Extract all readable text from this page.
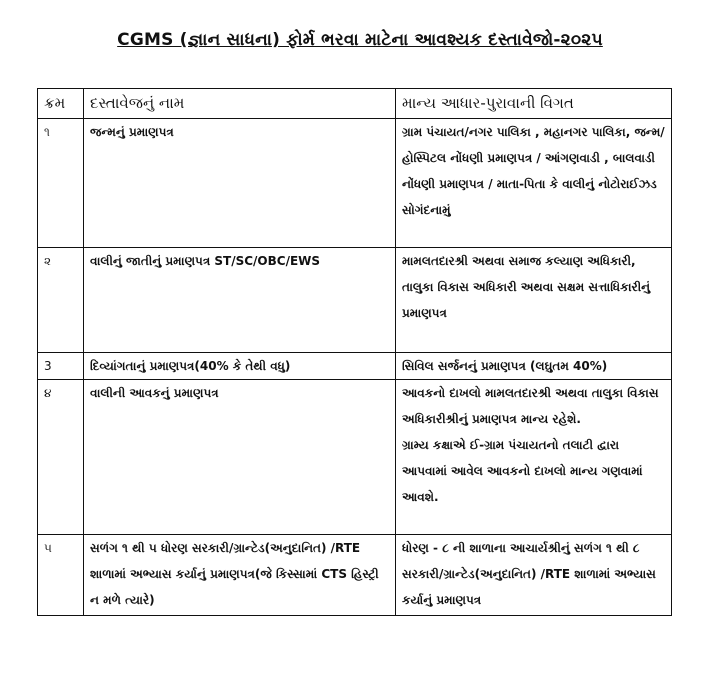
CGMS (જ્ઞાન સાધના) ફોર્મ ભરવા માટેના આવશ્યક દસ્તાવેજો-૨૦૨૫
ક્રમ	દસ્તાવેજનું નામ	માન્ય આધાર-પુરાવાની વિગત
૧	જન્મનું પ્રમાણપત્ર	ગ્રામ પંચાયત/નગર પાલિકા , મહાનગર પાલિકા, જન્મ/હોસ્પિટલ નોંધણી પ્રમાણપત્ર / આંગણવાડી , બાલવાડી નોંધણી પ્રમાણપત્ર / માતા-પિતા કે વાલીનું નોટોરાઈઝડ સોગંદનામું
૨	વાલીનું જાતીનું પ્રમાણપત્ર ST/SC/OBC/EWS	મામલતદારશ્રી અથવા સમાજ કલ્યાણ અધિકારી, તાલુકા વિકાસ અધિકારી અથવા સક્ષમ સત્તાધિકારીનું પ્રમાણપત્ર
3	દિવ્યાંગતાનું પ્રમાણપત્ર(40% કે તેથી વધુ)	સિવિલ સર્જનનું પ્રમાણપત્ર (લઘુતમ 40%)
૪	વાલીની આવકનું પ્રમાણપત્ર	આવકનો દાખલો મામલતદારશ્રી અથવા તાલુકા વિકાસ અધિકારીશ્રીનું પ્રમાણપત્ર માન્ય રહેશે.
ગ્રામ્ય કક્ષાએ ઈ-ગ્રામ પંચાયતનો તલાટી દ્વારા આપવામાં આવેલ આવકનો દાખલો માન્ય ગણવામાં આવશે.

૫	સળંગ ૧ થી ૫ ધોરણ સરકારી/ગ્રાન્ટેડ(અનુદાનિત) /RTE શાળામાં અભ્યાસ કર્યાનું પ્રમાણપત્ર(જે કિસ્સામાં CTS હિસ્ટ્રી ન મળે ત્યારે)	ધોરણ - ૮ ની શાળાના આચાર્યશ્રીનું સળંગ ૧ થી ૮ સરકારી/ગ્રાન્ટેડ(અનુદાનિત) /RTE શાળામાં અભ્યાસ કર્યાનું પ્રમાણપત્ર
